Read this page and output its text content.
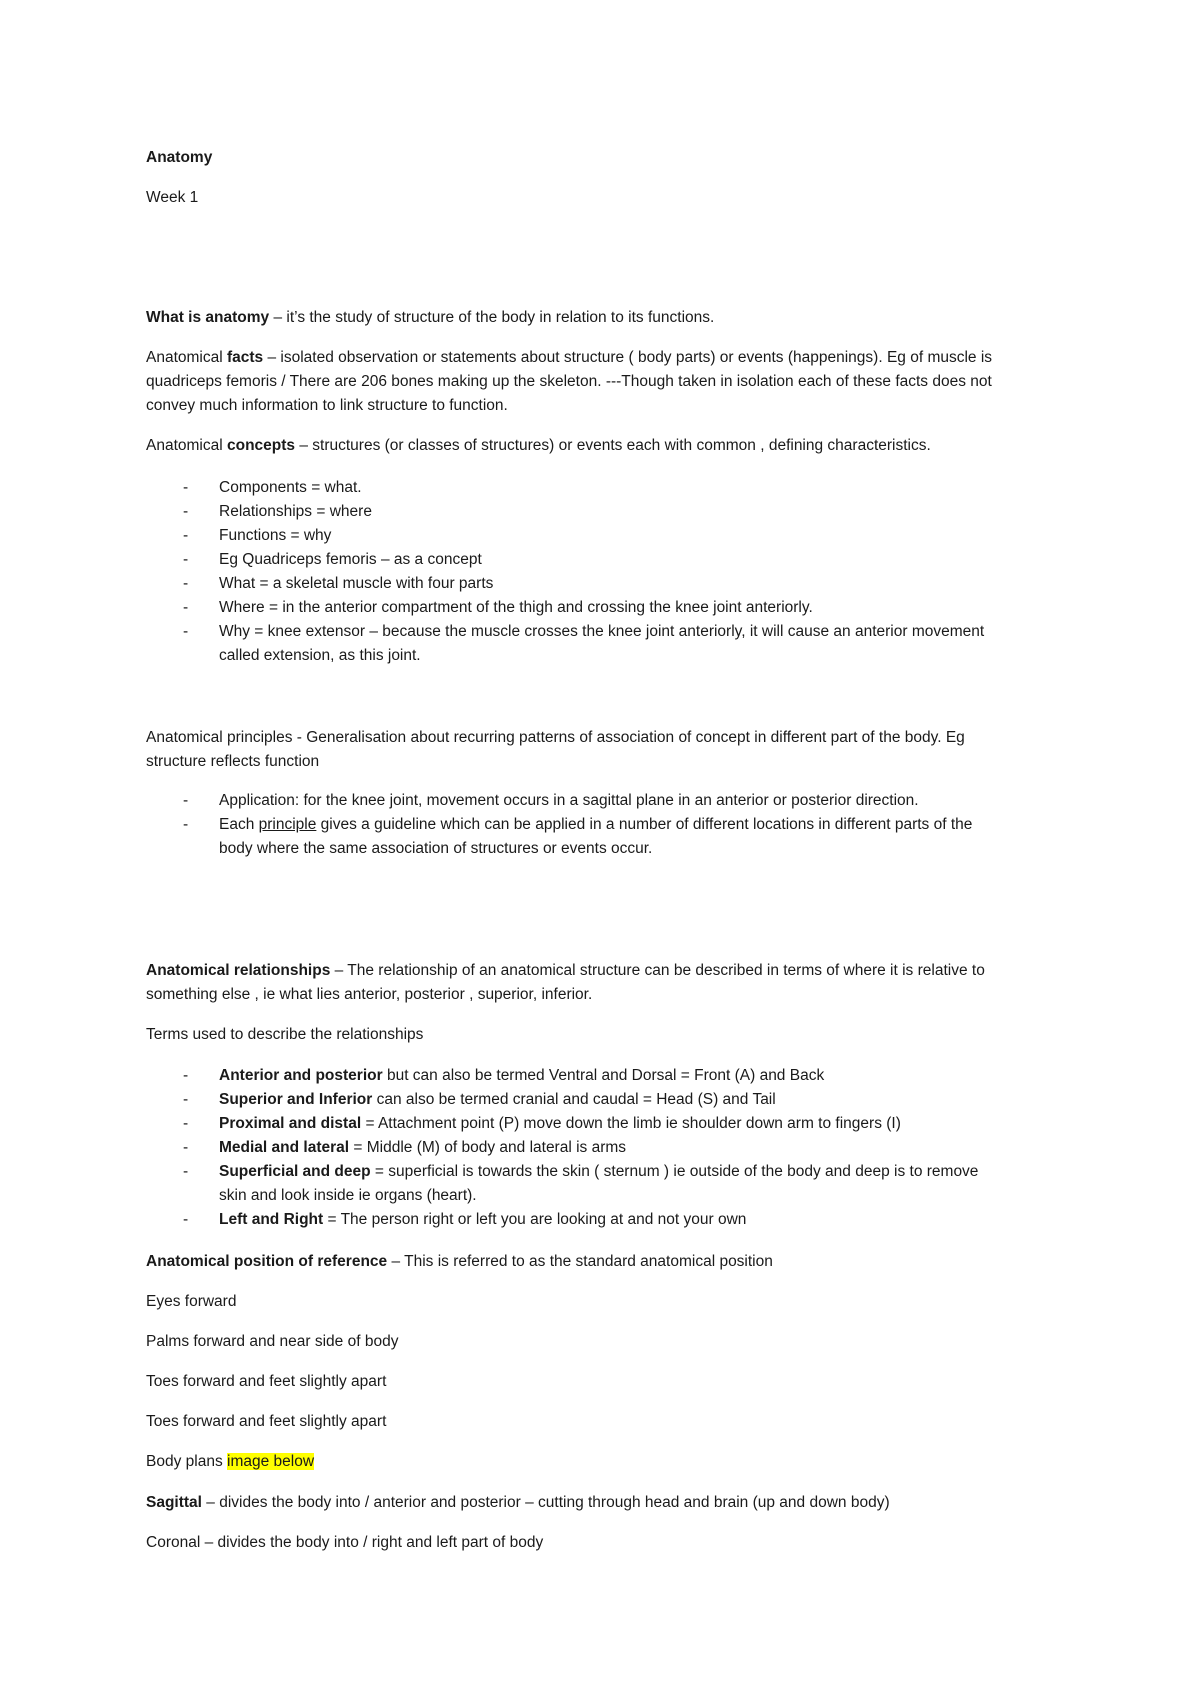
Anatomy

Week 1

What is anatomy – it’s the study of structure of the body in relation to its functions.

Anatomical facts – isolated observation or statements about structure ( body parts) or events (happenings). Eg of muscle is

quadriceps femoris / There are 206 bones making up the skeleton. ---Though taken in isolation each of these facts does not

convey much information to link structure to function.

Anatomical concepts – structures (or classes of structures) or events each with common , defining characteristics.

- Components = what.
- Relationships = where
- Functions = why
- Eg Quadriceps femoris – as a concept
- What = a skeletal muscle with four parts
- Where = in the anterior compartment of the thigh and crossing the knee joint anteriorly.
- Why = knee extensor – because the muscle crosses the knee joint anteriorly, it will cause an anterior movement
called extension, as this joint.

Anatomical principles - Generalisation about recurring patterns of association of concept in different part of the body. Eg

structure reflects function

- Application: for the knee joint, movement occurs in a sagittal plane in an anterior or posterior direction.
- Each principle gives a guideline which can be applied in a number of different locations in different parts of the
body where the same association of structures or events occur.

Anatomical relationships – The relationship of an anatomical structure can be described in terms of where it is relative to

something else , ie what lies anterior, posterior , superior, inferior.

Terms used to describe the relationships

- Anterior and posterior but can also be termed Ventral and Dorsal = Front (A) and Back
- Superior and Inferior can also be termed cranial and caudal = Head (S) and Tail
- Proximal and distal = Attachment point (P) move down the limb ie shoulder down arm to fingers (I)
- Medial and lateral = Middle (M) of body and lateral is arms
- Superficial and deep = superficial is towards the skin ( sternum ) ie outside of the body and deep is to remove
skin and look inside ie organs (heart).
- Left and Right = The person right or left you are looking at and not your own

Anatomical position of reference – This is referred to as the standard anatomical position

Eyes forward

Palms forward and near side of body

Toes forward and feet slightly apart

Toes forward and feet slightly apart

Body plans image below

Sagittal – divides the body into / anterior and posterior – cutting through head and brain (up and down body)

Coronal – divides the body into / right and left part of body
